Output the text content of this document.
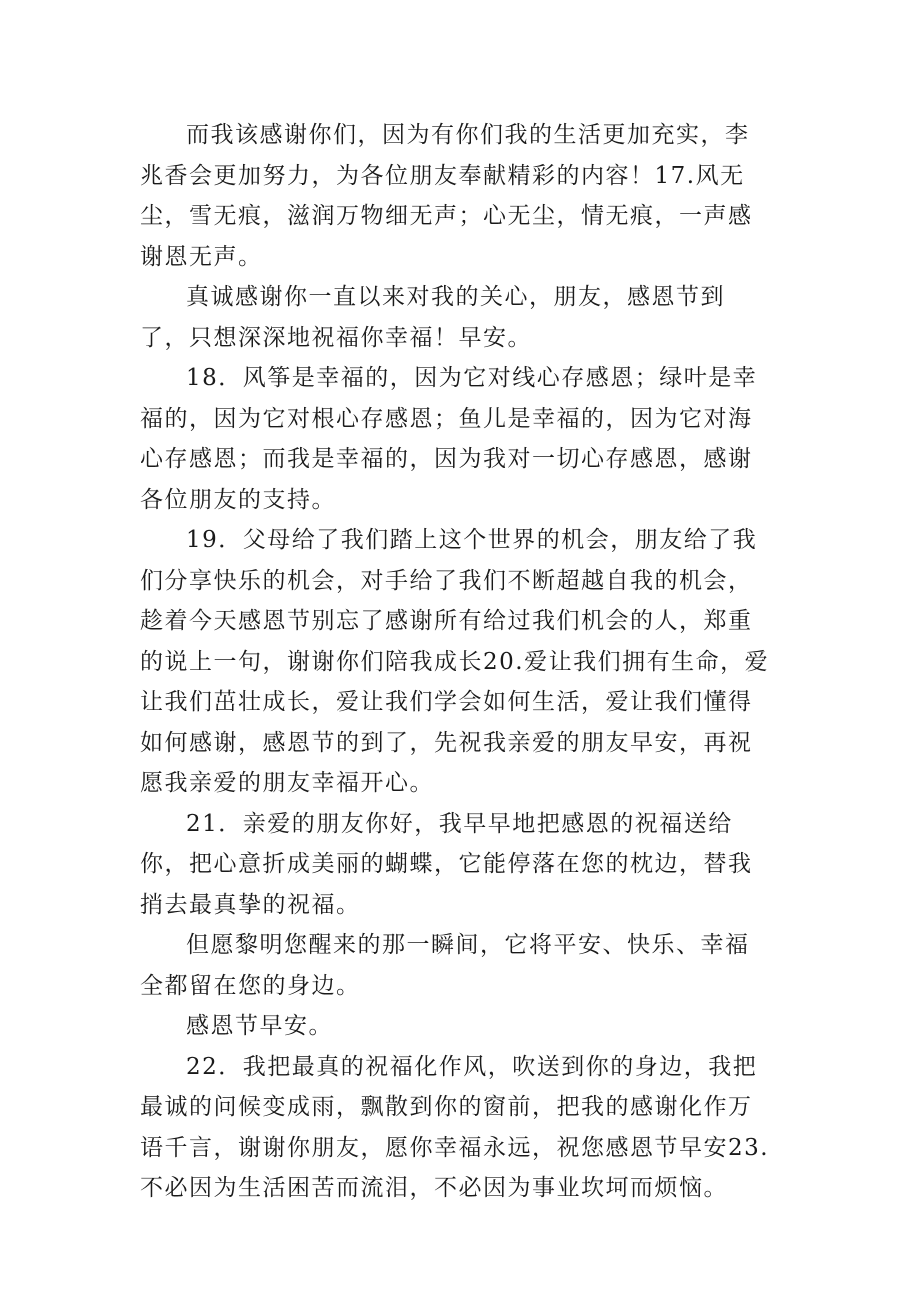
而我该感谢你们，因为有你们我的生活更加充实，李兆香会更加努力，为各位朋友奉献精彩的内容！17.风无尘，雪无痕，滋润万物细无声；心无尘，情无痕，一声感谢恩无声。

真诚感谢你一直以来对我的关心，朋友，感恩节到了，只想深深地祝福你幸福！早安。

18．风筝是幸福的，因为它对线心存感恩；绿叶是幸福的，因为它对根心存感恩；鱼儿是幸福的，因为它对海心存感恩；而我是幸福的，因为我对一切心存感恩，感谢各位朋友的支持。

19．父母给了我们踏上这个世界的机会，朋友给了我们分享快乐的机会，对手给了我们不断超越自我的机会，趁着今天感恩节别忘了感谢所有给过我们机会的人，郑重的说上一句，谢谢你们陪我成长20.爱让我们拥有生命，爱让我们茁壮成长，爱让我们学会如何生活，爱让我们懂得如何感谢，感恩节的到了，先祝我亲爱的朋友早安，再祝愿我亲爱的朋友幸福开心。

21．亲爱的朋友你好，我早早地把感恩的祝福送给你，把心意折成美丽的蝴蝶，它能停落在您的枕边，替我捎去最真挚的祝福。

但愿黎明您醒来的那一瞬间，它将平安、快乐、幸福全都留在您的身边。

感恩节早安。

22．我把最真的祝福化作风，吹送到你的身边，我把最诚的问候变成雨，飘散到你的窗前，把我的感谢化作万语千言，谢谢你朋友，愿你幸福永远，祝您感恩节早安23.不必因为生活困苦而流泪，不必因为事业坎坷而烦恼。
